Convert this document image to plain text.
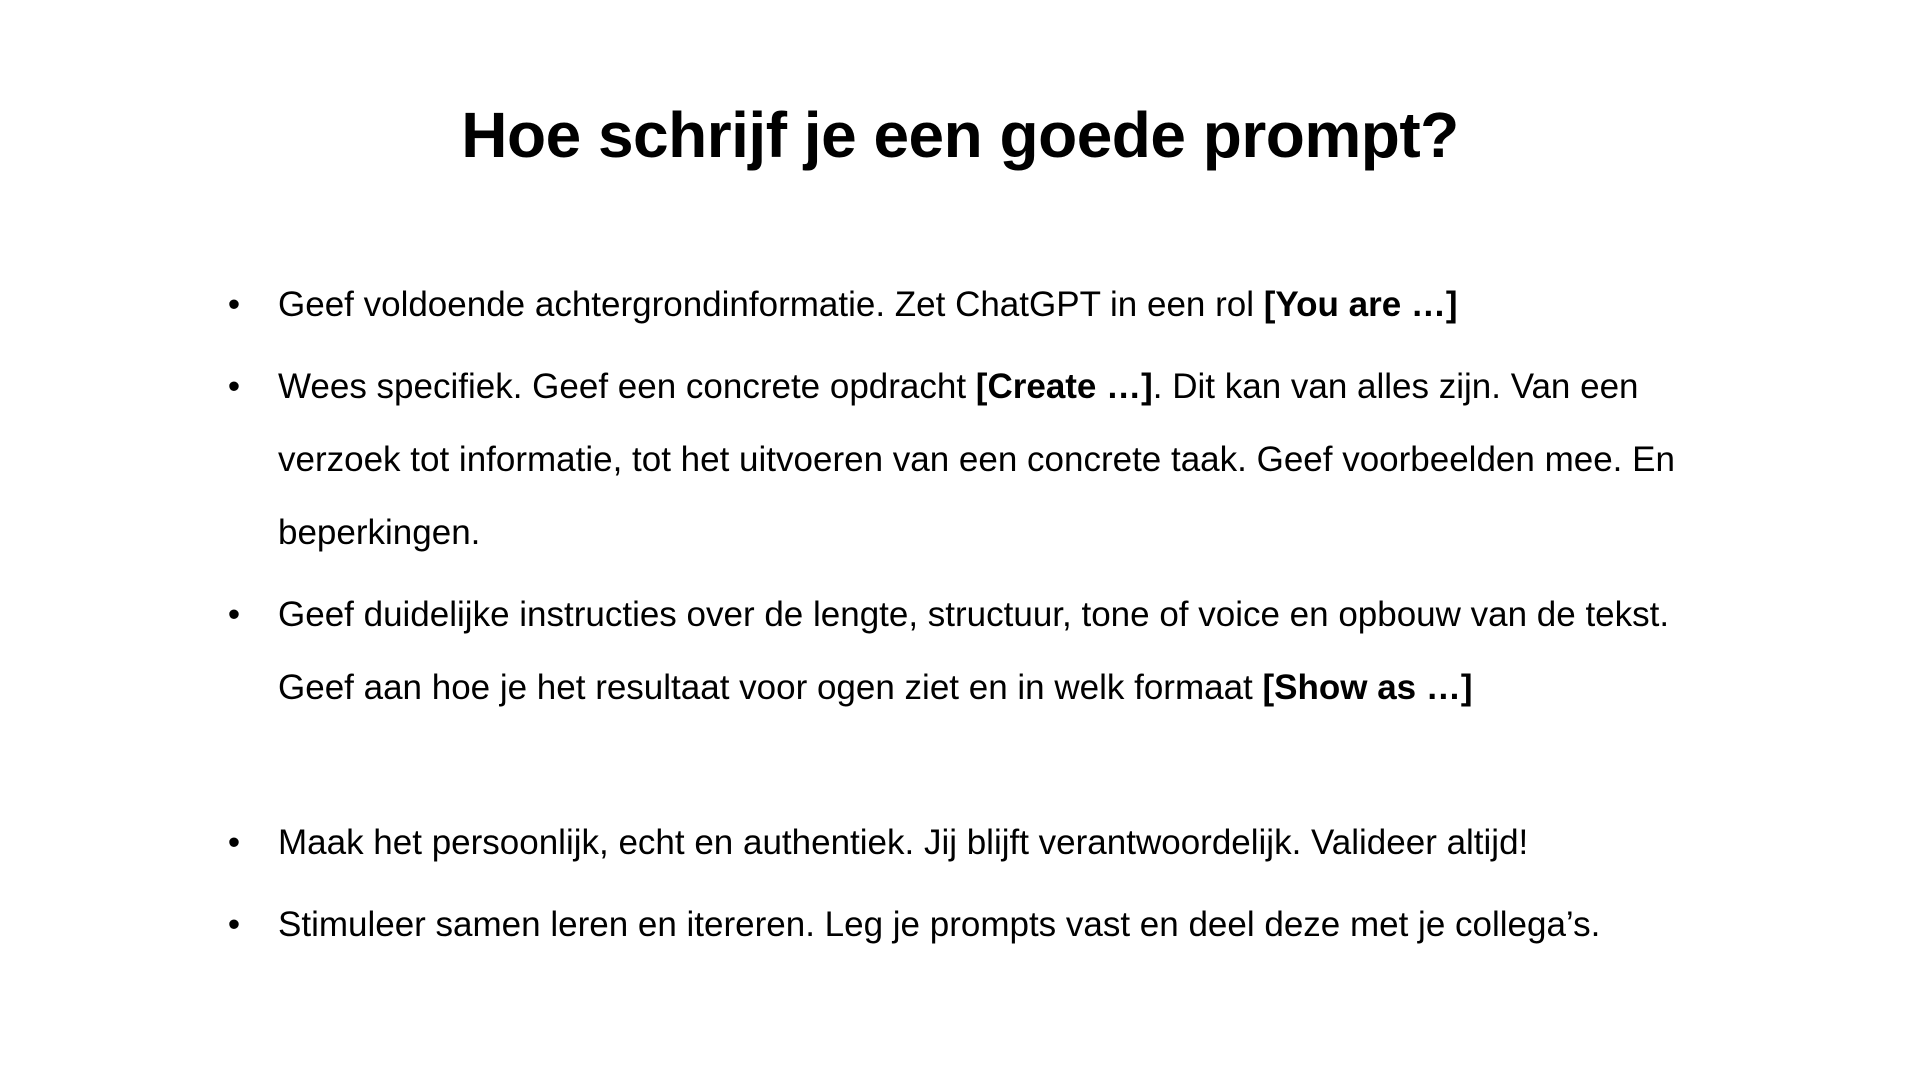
Hoe schrijf je een goede prompt?
• Geef voldoende achtergrondinformatie. Zet ChatGPT in een rol [You are …]
• Wees specifiek. Geef een concrete opdracht [Create …]. Dit kan van alles zijn. Van een verzoek tot informatie, tot het uitvoeren van een concrete taak. Geef voorbeelden mee. En beperkingen.
• Geef duidelijke instructies over de lengte, structuur, tone of voice en opbouw van de tekst. Geef aan hoe je het resultaat voor ogen ziet en in welk formaat [Show as …]
• Maak het persoonlijk, echt en authentiek. Jij blijft verantwoordelijk. Valideer altijd!
• Stimuleer samen leren en itereren. Leg je prompts vast en deel deze met je collega’s.
